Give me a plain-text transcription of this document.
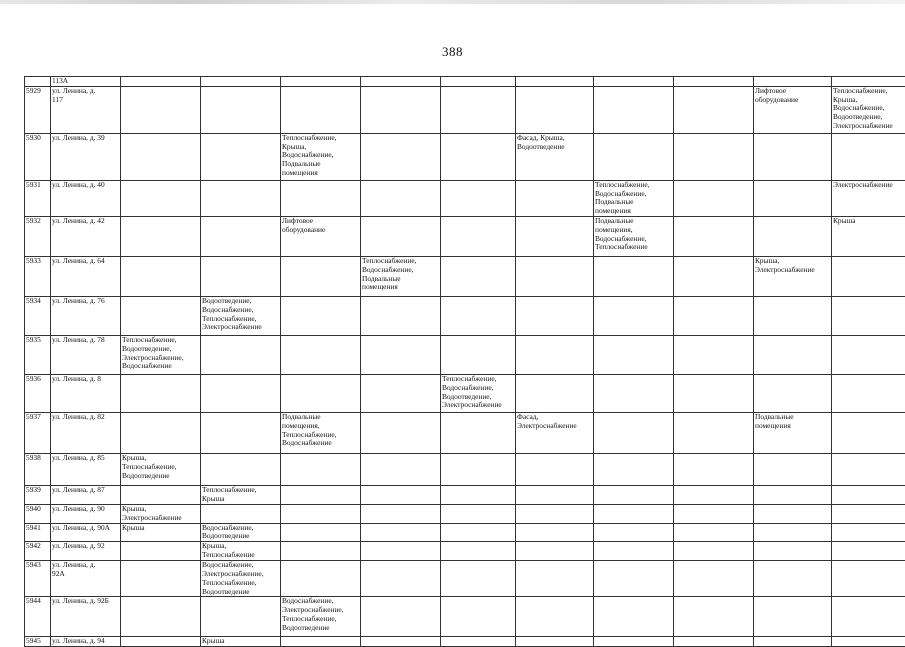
388

	113А										

5929	ул. Ленина, д.
117									Лифтовое
оборудование	Теплоснабжение,
Крыша,
Водоснабжение,
Водоотведение,
Электроснабжение

5930	ул. Ленина, д. 39			Теплоснабжение,
Крыша,
Водоснабжение,
Подвальные
помещения			Фасад, Крыша,
Водоотведение				

5931	ул. Ленина, д. 40							Теплоснабжение,
Водоснабжение,
Подвальные
помещения			Электроснабжение

5932	ул. Ленина, д. 42			Лифтовое
оборудование				Подвальные
помещения,
Водоснабжение,
Теплоснабжение			Крыша

5933	ул. Ленина, д. 64				Теплоснабжение,
Водоснабжение,
Подвальные
помещения					Крыша,
Электроснабжение	

5934	ул. Ленина, д. 76		Водоотведение,
Водоснабжение,
Теплоснабжение,
Электроснабжение								

5935	ул. Ленина, д. 78	Теплоснабжение,
Водоотведение,
Электроснабжение,
Водоснабжение									

5936	ул. Ленина, д. 8					Теплоснабжение,
Водоснабжение,
Водоотведение,
Электроснабжение					

5937	ул. Ленина, д. 82			Подвальные
помещения,
Теплоснабжение,
Водоснабжение			Фасад,
Электроснабжение			Подвальные
помещения	

5938	ул. Ленина, д. 85	Крыша,
Теплоснабжение,
Водоотведение									

5939	ул. Ленина, д. 87		Теплоснабжение,
Крыша								

5940	ул. Ленина, д. 90	Крыша,
Электроснабжение									

5941	ул. Ленина, д. 90А	Крыша	Водоснабжение,
Водоотведение								

5942	ул. Ленина, д. 92		Крыша,
Теплоснабжение								

5943	ул. Ленина, д.
92А		Водоснабжение,
Электроснабжение,
Теплоснабжение,
Водоотведение								

5944	ул. Ленина, д. 92Б			Водоснабжение,
Электроснабжение,
Теплоснабжение,
Водоотведение							

5945	ул. Ленина, д. 94		Крыша								
